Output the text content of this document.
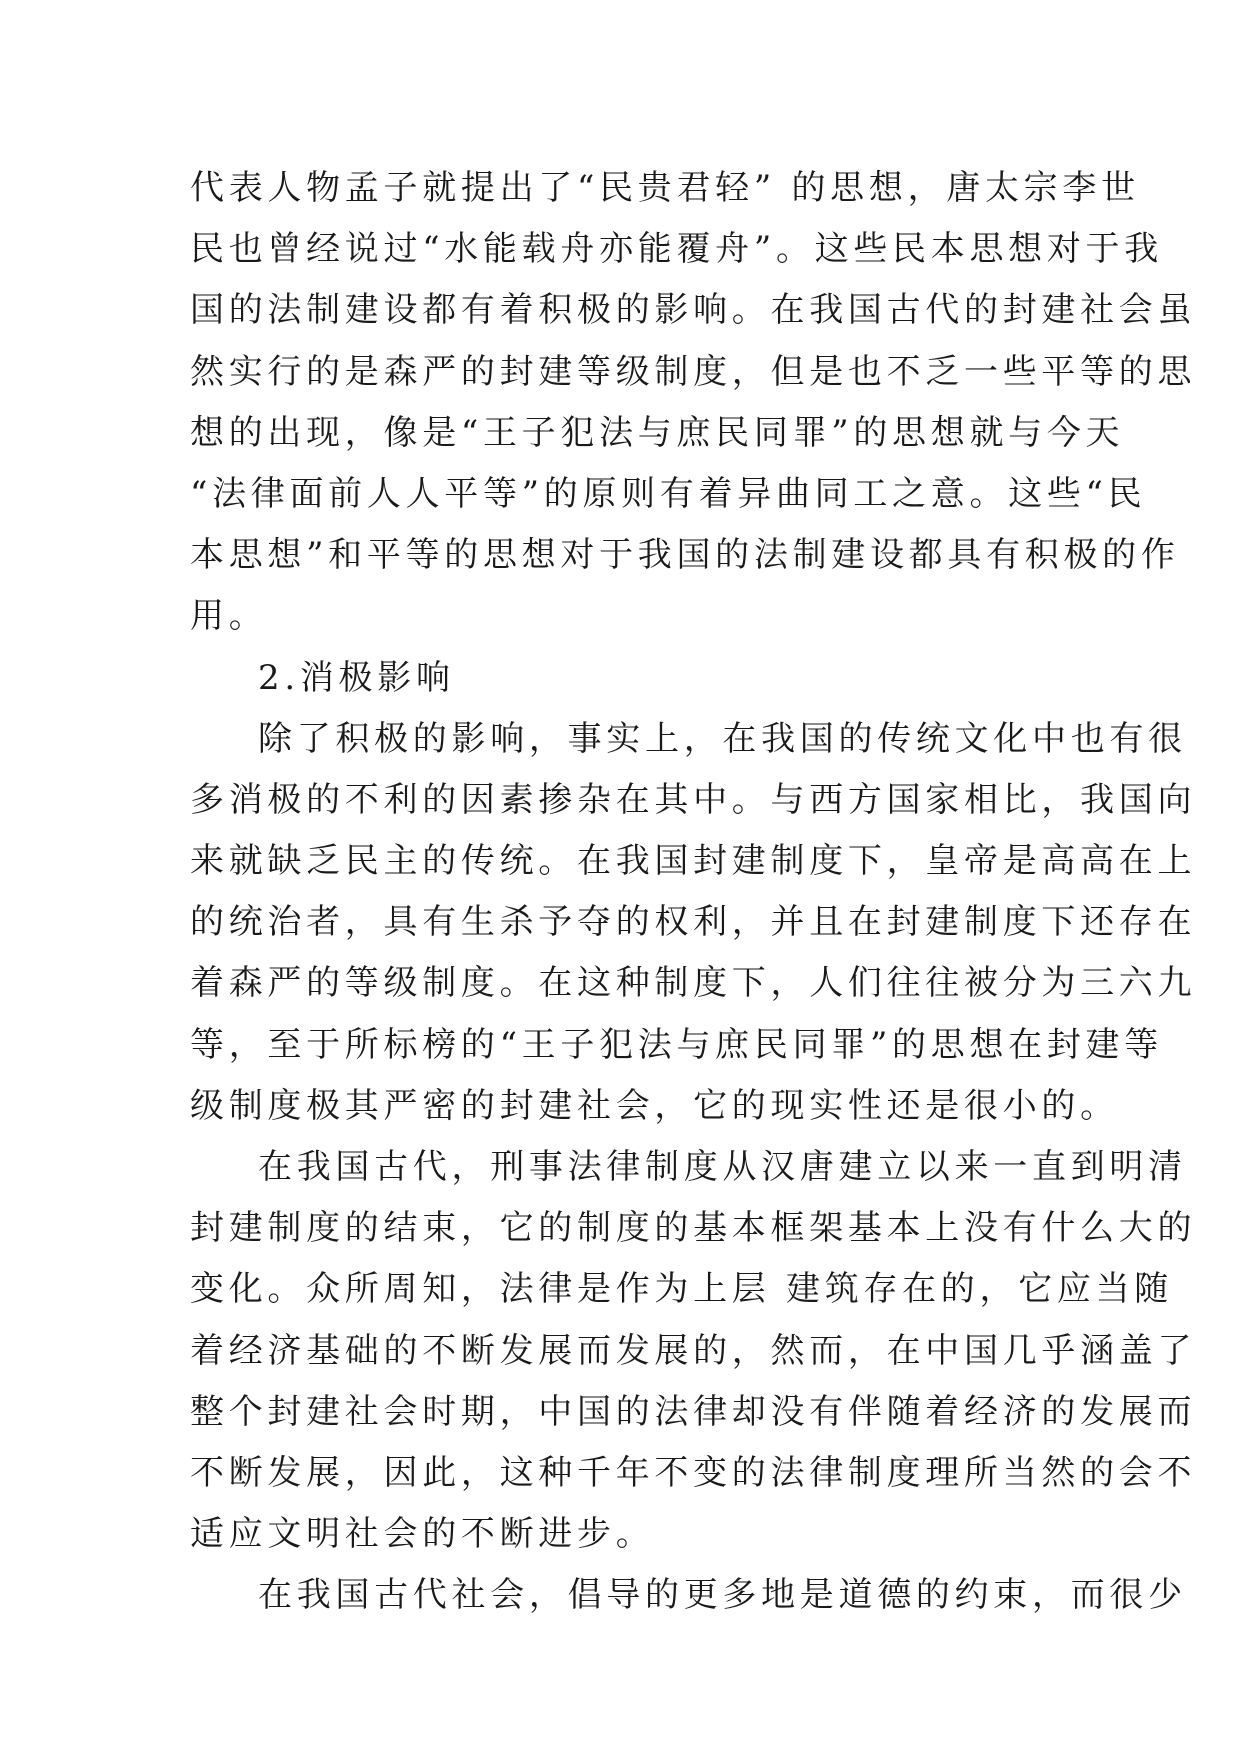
代表人物孟子就提出了“民贵君轻” 的思想，唐太宗李世
民也曾经说过“水能载舟亦能覆舟”。这些民本思想对于我
国的法制建设都有着积极的影响。在我国古代的封建社会虽
然实行的是森严的封建等级制度，但是也不乏一些平等的思
想的出现，像是“王子犯法与庶民同罪”的思想就与今天
“法律面前人人平等”的原则有着异曲同工之意。这些“民
本思想”和平等的思想对于我国的法制建设都具有积极的作
用。
2.消极影响
除了积极的影响，事实上，在我国的传统文化中也有很
多消极的不利的因素掺杂在其中。与西方国家相比，我国向
来就缺乏民主的传统。在我国封建制度下，皇帝是高高在上
的统治者，具有生杀予夺的权利，并且在封建制度下还存在
着森严的等级制度。在这种制度下，人们往往被分为三六九
等，至于所标榜的“王子犯法与庶民同罪”的思想在封建等
级制度极其严密的封建社会，它的现实性还是很小的。
在我国古代，刑事法律制度从汉唐建立以来一直到明清
封建制度的结束，它的制度的基本框架基本上没有什么大的
变化。众所周知，法律是作为上层 建筑存在的，它应当随
着经济基础的不断发展而发展的，然而，在中国几乎涵盖了
整个封建社会时期，中国的法律却没有伴随着经济的发展而
不断发展，因此，这种千年不变的法律制度理所当然的会不
适应文明社会的不断进步。
在我国古代社会，倡导的更多地是道德的约束，而很少
